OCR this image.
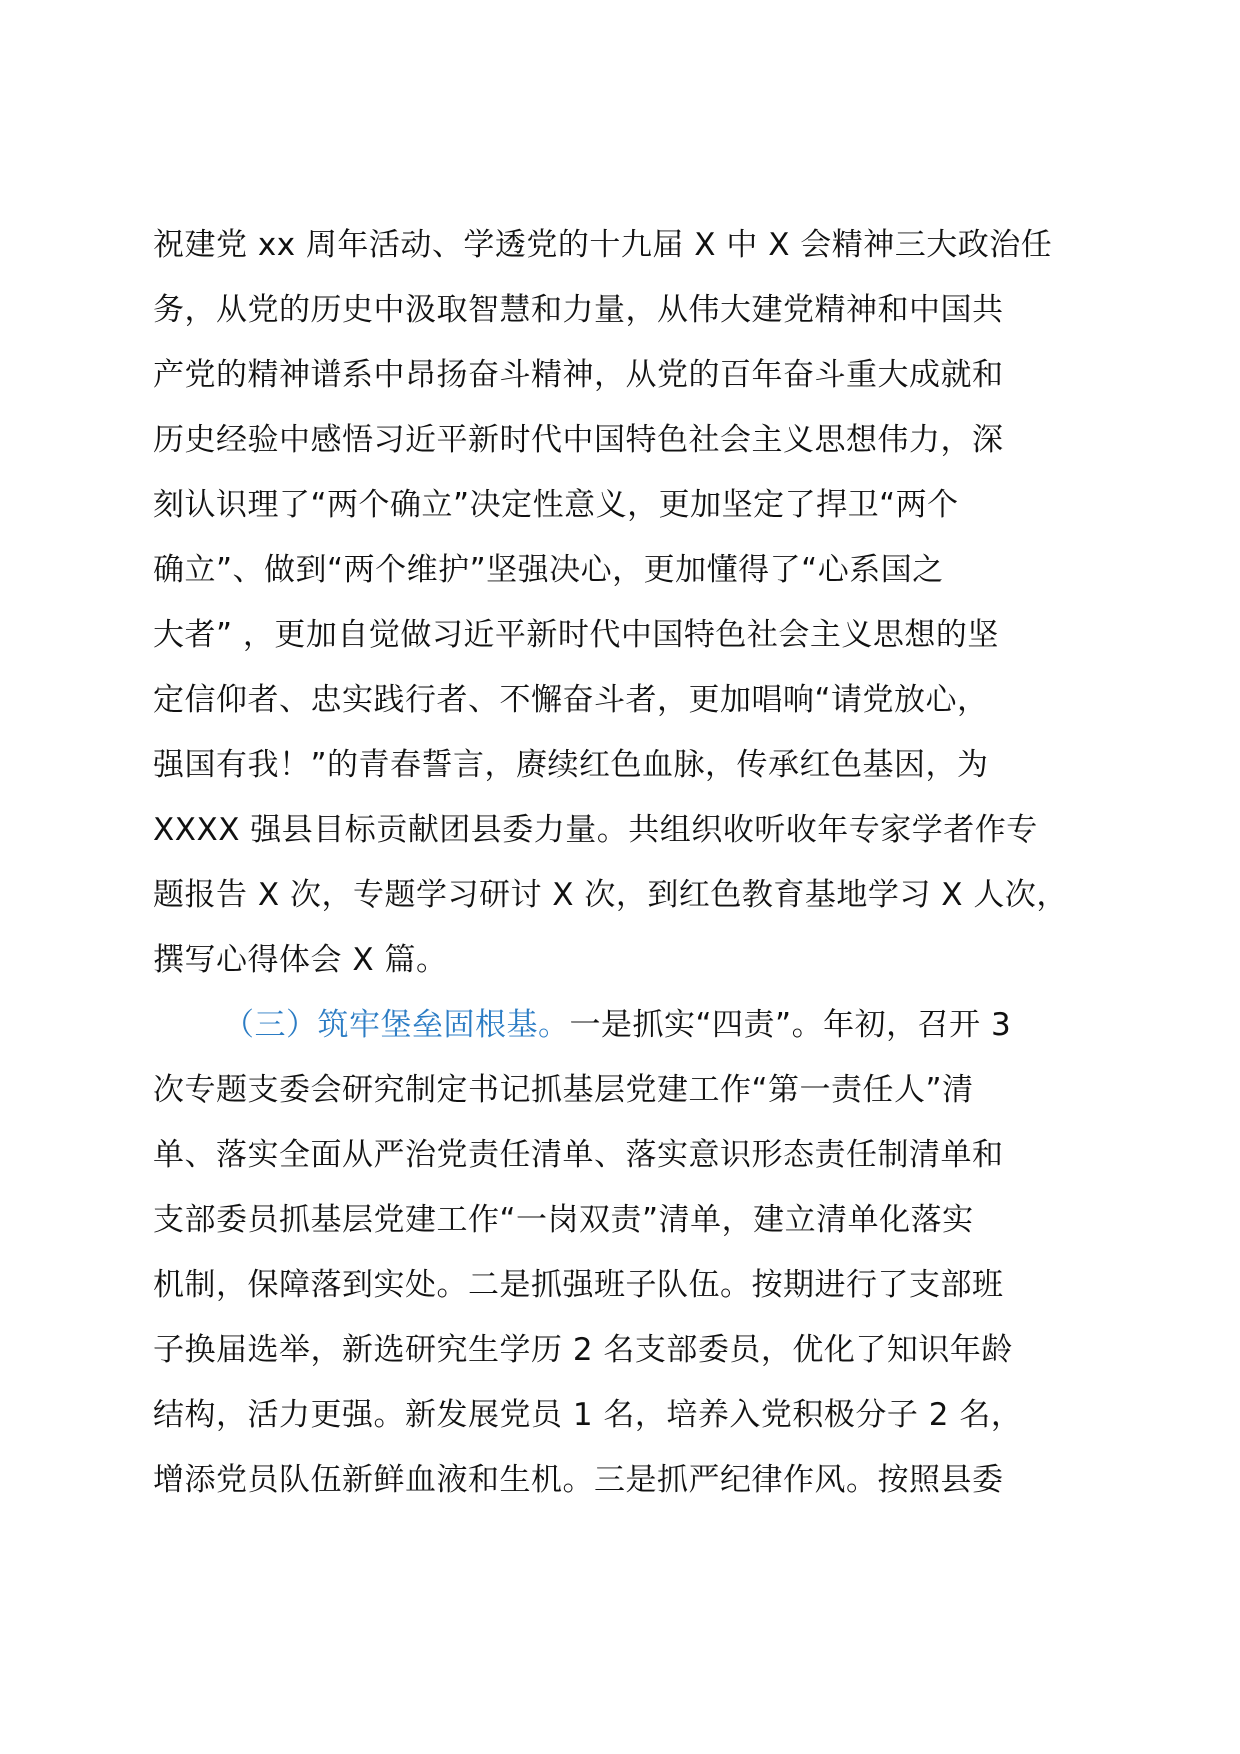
祝建党 xx 周年活动、学透党的十九届 X 中 X 会精神三大政治任
务，从党的历史中汲取智慧和力量，从伟大建党精神和中国共
产党的精神谱系中昂扬奋斗精神，从党的百年奋斗重大成就和
历史经验中感悟习近平新时代中国特色社会主义思想伟力，深
刻认识理了“两个确立”决定性意义，更加坚定了捍卫“两个
确立”、做到“两个维护”坚强决心，更加懂得了“心系国之
大者” ，更加自觉做习近平新时代中国特色社会主义思想的坚
定信仰者、忠实践行者、不懈奋斗者，更加唱响“请党放心，
强国有我！”的青春誓言，赓续红色血脉，传承红色基因，为
XXXX 强县目标贡献团县委力量。共组织收听收年专家学者作专
题报告 X 次，专题学习研讨 X 次，到红色教育基地学习 X 人次，
撰写心得体会 X 篇。
（三）筑牢堡垒固根基。一是抓实“四责”。年初，召开 3
次专题支委会研究制定书记抓基层党建工作“第一责任人”清
单、落实全面从严治党责任清单、落实意识形态责任制清单和
支部委员抓基层党建工作“一岗双责”清单，建立清单化落实
机制，保障落到实处。二是抓强班子队伍。按期进行了支部班
子换届选举，新选研究生学历 2 名支部委员，优化了知识年龄
结构，活力更强。新发展党员 1 名，培养入党积极分子 2 名，
增添党员队伍新鲜血液和生机。三是抓严纪律作风。按照县委
